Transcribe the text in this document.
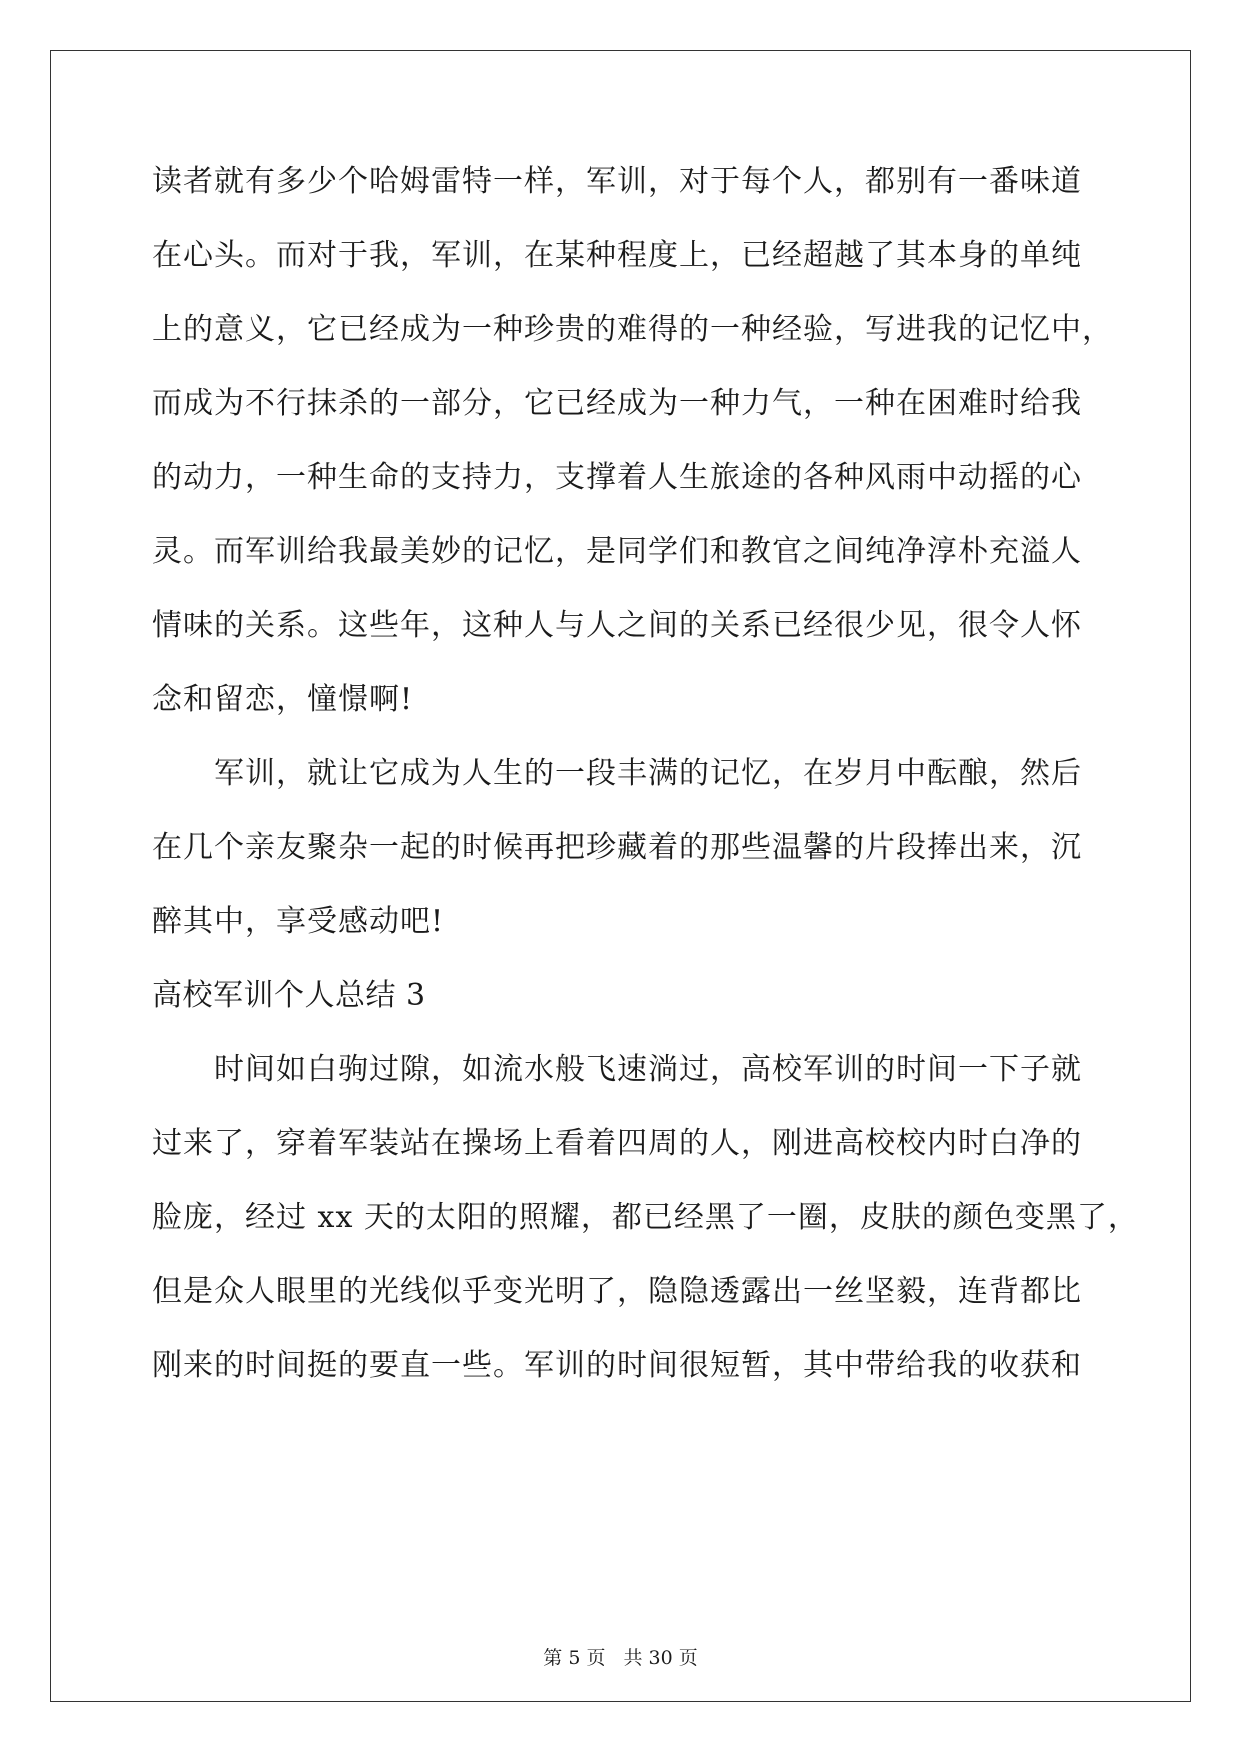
读者就有多少个哈姆雷特一样，军训，对于每个人，都别有一番味道
在心头。而对于我，军训，在某种程度上，已经超越了其本身的单纯
上的意义，它已经成为一种珍贵的难得的一种经验，写进我的记忆中，
而成为不行抹杀的一部分，它已经成为一种力气，一种在困难时给我
的动力，一种生命的支持力，支撑着人生旅途的各种风雨中动摇的心
灵。而军训给我最美妙的记忆，是同学们和教官之间纯净淳朴充溢人
情味的关系。这些年，这种人与人之间的关系已经很少见，很令人怀
念和留恋，憧憬啊!
军训，就让它成为人生的一段丰满的记忆，在岁月中酝酿，然后
在几个亲友聚杂一起的时候再把珍藏着的那些温馨的片段捧出来，沉
醉其中，享受感动吧!
高校军训个人总结 3
时间如白驹过隙，如流水般飞速淌过，高校军训的时间一下子就
过来了，穿着军装站在操场上看着四周的人，刚进高校校内时白净的
脸庞，经过 xx 天的太阳的照耀，都已经黑了一圈，皮肤的颜色变黑了，
但是众人眼里的光线似乎变光明了，隐隐透露出一丝坚毅，连背都比
刚来的时间挺的要直一些。军训的时间很短暂，其中带给我的收获和
第 5 页 共 30 页
